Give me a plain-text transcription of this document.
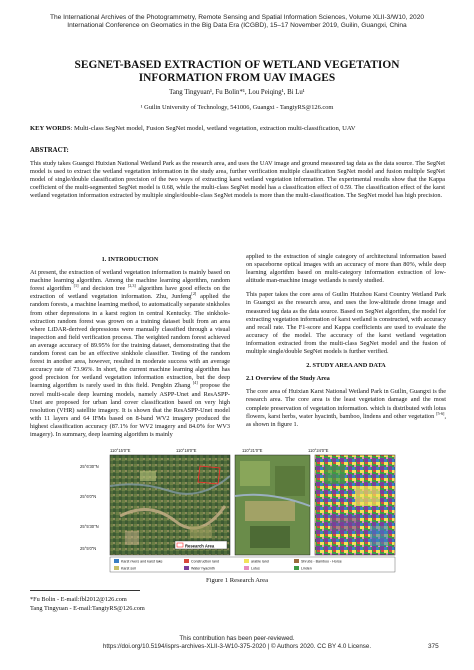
The International Archives of the Photogrammetry, Remote Sensing and Spatial Information Sciences, Volume XLII-3/W10, 2020
International Conference on Geomatics in the Big Data Era (ICGBD), 15–17 November 2019, Guilin, Guangxi, China
SEGNET-BASED EXTRACTION OF WETLAND VEGETATION INFORMATION FROM UAV IMAGES
Tang Tingyuan¹, Fu Bolin*¹, Lou Peiqing¹, Bi Lu¹
¹ Guilin University of Technology, 541006, Guangxi - TangtyRS@126.com
KEY WORDS: Multi-class SegNet model, Fusion SegNet model, wetland vegetation, extraction multi-classification, UAV
ABSTRACT:
This study takes Guangxi Huixian National Wetland Park as the research area, and uses the UAV image and ground measured tag data as the data source. The SegNet model is used to extract the wetland vegetation information in the study area, further verification multiple classification SegNet model and fusion multiple SegNet model of single/double classification precision of the two ways of extracting karst wetland vegetation information. The experimental results show that the Kappa coefficient of the multi-segmented SegNet model is 0.68, while the multi-class SegNet model has a classification effect of 0.59. The classification effect of the karst wetland vegetation information extracted by multiple single/double-class SegNet models is more than the multi-classification. The SegNet model has high precision.
1. INTRODUCTION

At present, the extraction of wetland vegetation information is mainly based on machine learning algorithm. Among the machine learning algorithm, random forest algorithm [1] and decision tree [2,3] algorithm have good effects on the extraction of wetland vegetation information. Zhu, Junfeng[2] applied the random forests, a machine learning method, to automatically separate sinkholes from other depressions in a karst region in central Kentucky. The sinkhole-extraction random forest was grown on a training dataset built from an area where LiDAR-derived depressions were manually classified through a visual inspection and field verification process. The weighted random forest achieved an average accuracy of 89.95% for the training dataset, demonstrating that the random forest can be an effective sinkhole classifier. Testing of the random forest in another area, however, resulted in moderate success with an average accuracy rate of 73.96%. In short, the current machine learning algorithm has good precision for wetland vegetation information extraction, but the deep learning algorithm is rarely used in this field. Pengbin Zhang [4] propose the novel multi-scale deep learning models, namely ASPP-Unet and ResASPP-Unet are proposed for urban land cover classification based on very high resolution (VHR) satellite imagery. It is shown that the ResASPP-Unet model with 11 layers and 64 IFMs based on 8-band WV2 imagery produced the highest classification accuracy (87.1% for WV2 imagery and 84.0% for WV3 imagery). In summary, deep learning algorithm is mainly

applied to the extraction of single category of architectural information based on spaceborne optical images with an accuracy of more than 80%, while deep learning algorithm based on multi-category information extraction of low-altitude man-machine image wetlands is rarely studied.

This paper takes the core area of Guilin Huizhou Karst Country Wetland Park in Guangxi as the research area, and uses the low-altitude drone image and measured tag data as the data source. Based on SegNet algorithm, the model for extracting vegetation information of karst wetland is constructed, with accuracy and recall rate. The F1-score and Kappa coefficients are used to evaluate the accuracy of the model. The accuracy of the karst wetland vegetation information extracted from the multi-class SegNet model and the fusion of multiple single/double SegNet models is further verified.

2. STUDY AREA AND DATA
2.1 Overview of the Study Area

The core area of Huixian Karst National Wetland Park in Guilin, Guangxi is the research area. The core area is the least vegetation damage and the most complete preservation of vegetation information. which is distributed with lotus flowers, karst herbs, water hyacinth, bamboo, lindens and other vegetation [5-6], as shown in figure 1.

110°15'0"E	110°18'0"E	110°21'0"E	110°24'0"E
25°6'30"N
25°6'0"N
25°5'30"N
25°5'0"N	Research Area
Karst rivers and karst lake
Karst soil
Construction land
Water hyacinth
arable land
Lotus
Shrubs - Bamboo - Horse
Linden
Figure 1 Research Area
*Fu Bolin - E-mail:fbl2012@126.com
Tang Tingyuan - E-mail:TangtyRS@126.com
This contribution has been peer-reviewed.
https://doi.org/10.5194/isprs-archives-XLII-3-W10-375-2020 | © Authors 2020. CC BY 4.0 License.	375
